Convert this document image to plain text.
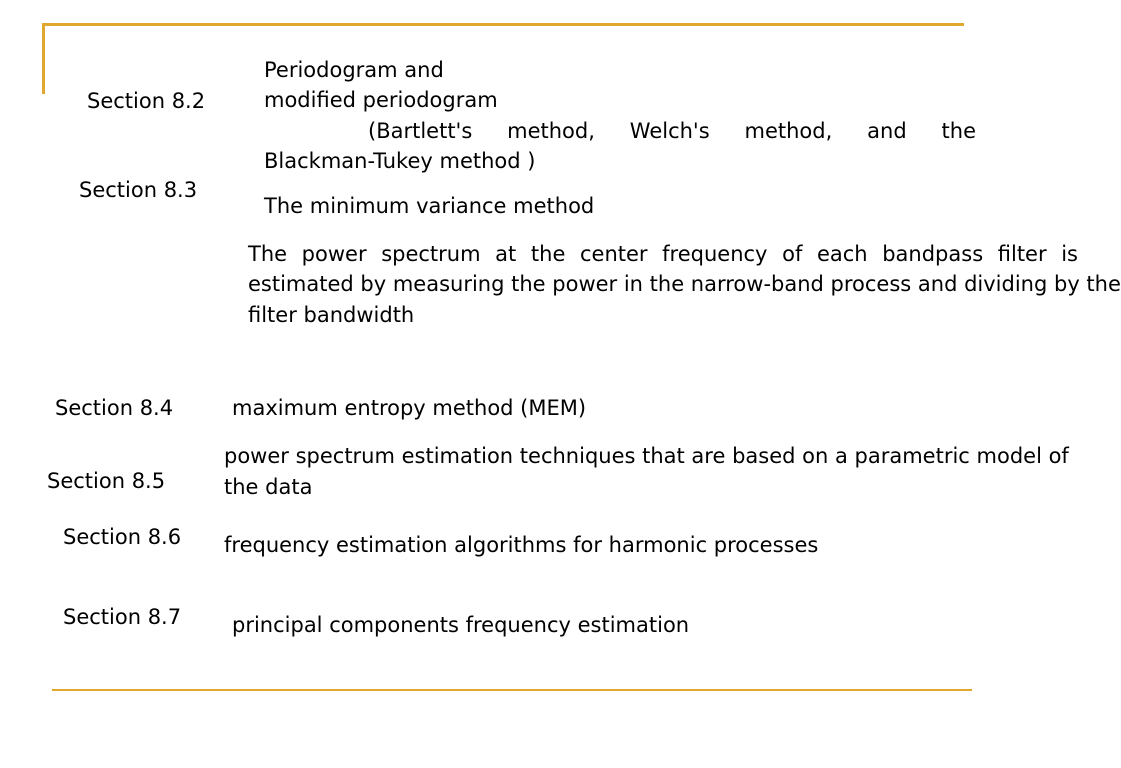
Section 8.2
Periodogram and
modified periodogram
(Bartlett's method, Welch's method, and the
Blackman-Tukey method )
Section 8.3
The minimum variance method
The power spectrum at the center frequency of each bandpass filter is
estimated by measuring the power in the narrow-band process and dividing by the
filter bandwidth
Section 8.4	maximum entropy method (MEM)
Section 8.5
power spectrum estimation techniques that are based on a parametric model of
the data
Section 8.6 frequency estimation algorithms for harmonic processes
Section 8.7 principal components frequency estimation
